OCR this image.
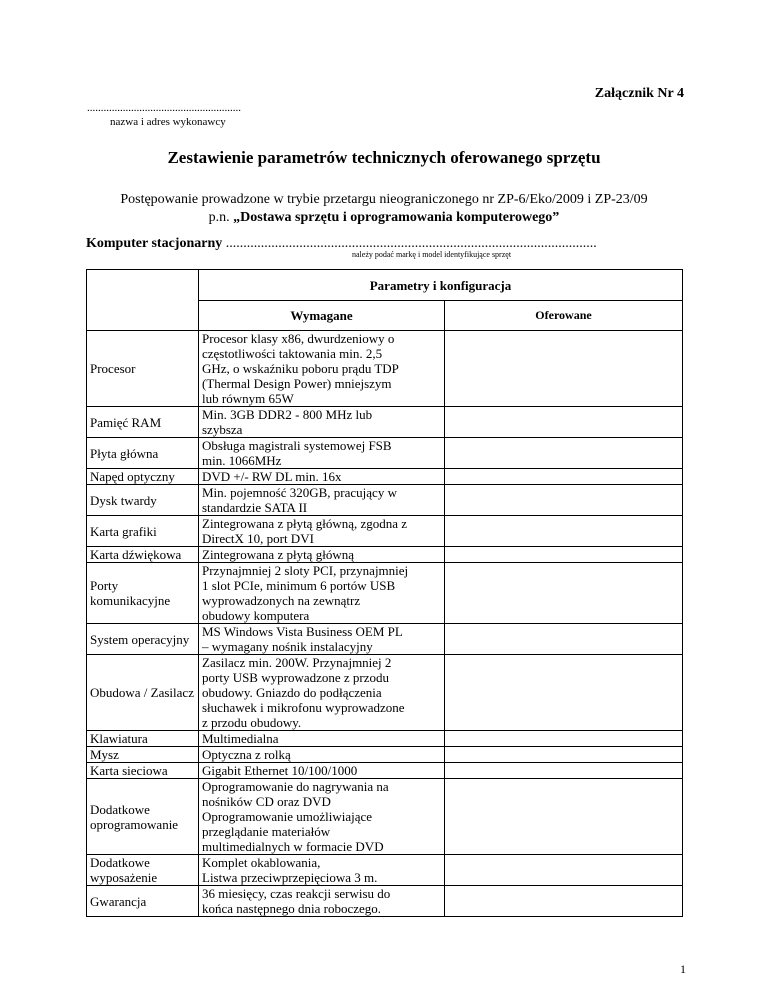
Załącznik Nr 4
........................................................
nazwa i adres wykonawcy
Zestawienie parametrów technicznych oferowanego sprzętu
Postępowanie prowadzone w trybie przetargu nieograniczonego nr ZP-6/Eko/2009 i ZP-23/09
p.n. „Dostawa sprzętu i oprogramowania komputerowego”
Komputer stacjonarny ..........................................................................................................
należy podać markę i model identyfikujące sprzęt
	Parametry i konfiguracja	
	Wymagane	Oferowane
Procesor	Procesor klasy x86, dwurdzeniowy o
częstotliwości taktowania min. 2,5
GHz, o wskaźniku poboru prądu TDP
(Thermal Design Power) mniejszym
lub równym 65W	

Pamięć RAM	Min. 3GB DDR2 - 800 MHz lub
szybsza	

Płyta główna	Obsługa magistrali systemowej FSB
min. 1066MHz	

Napęd optyczny	DVD +/- RW DL min. 16x	

Dysk twardy	Min. pojemność 320GB, pracujący w
standardzie SATA II	

Karta grafiki	Zintegrowana z płytą główną, zgodna z
DirectX 10, port DVI	

Karta dźwiękowa	Zintegrowana z płytą główną	

Porty komunikacyjne	Przynajmniej 2 sloty PCI, przynajmniej
1 slot PCIe, minimum 6 portów USB
wyprowadzonych na zewnątrz
obudowy komputera	

System operacyjny	MS Windows Vista Business OEM PL
– wymagany nośnik instalacyjny	

Obudowa / Zasilacz	Zasilacz min. 200W. Przynajmniej 2
porty USB wyprowadzone z przodu
obudowy. Gniazdo do podłączenia
słuchawek i mikrofonu wyprowadzone
z przodu obudowy.	

Klawiatura	Multimedialna	

Mysz	Optyczna z rolką	

Karta sieciowa	Gigabit Ethernet 10/100/1000	

Dodatkowe oprogramowanie	Oprogramowanie do nagrywania na
nośników CD oraz DVD
Oprogramowanie umożliwiające
przeglądanie materiałów
multimedialnych w formacie DVD	

Dodatkowe wyposażenie	Komplet okablowania,
Listwa przeciwprzepięciowa 3 m.	

Gwarancja	36 miesięcy, czas reakcji serwisu do
końca następnego dnia roboczego.	

1
